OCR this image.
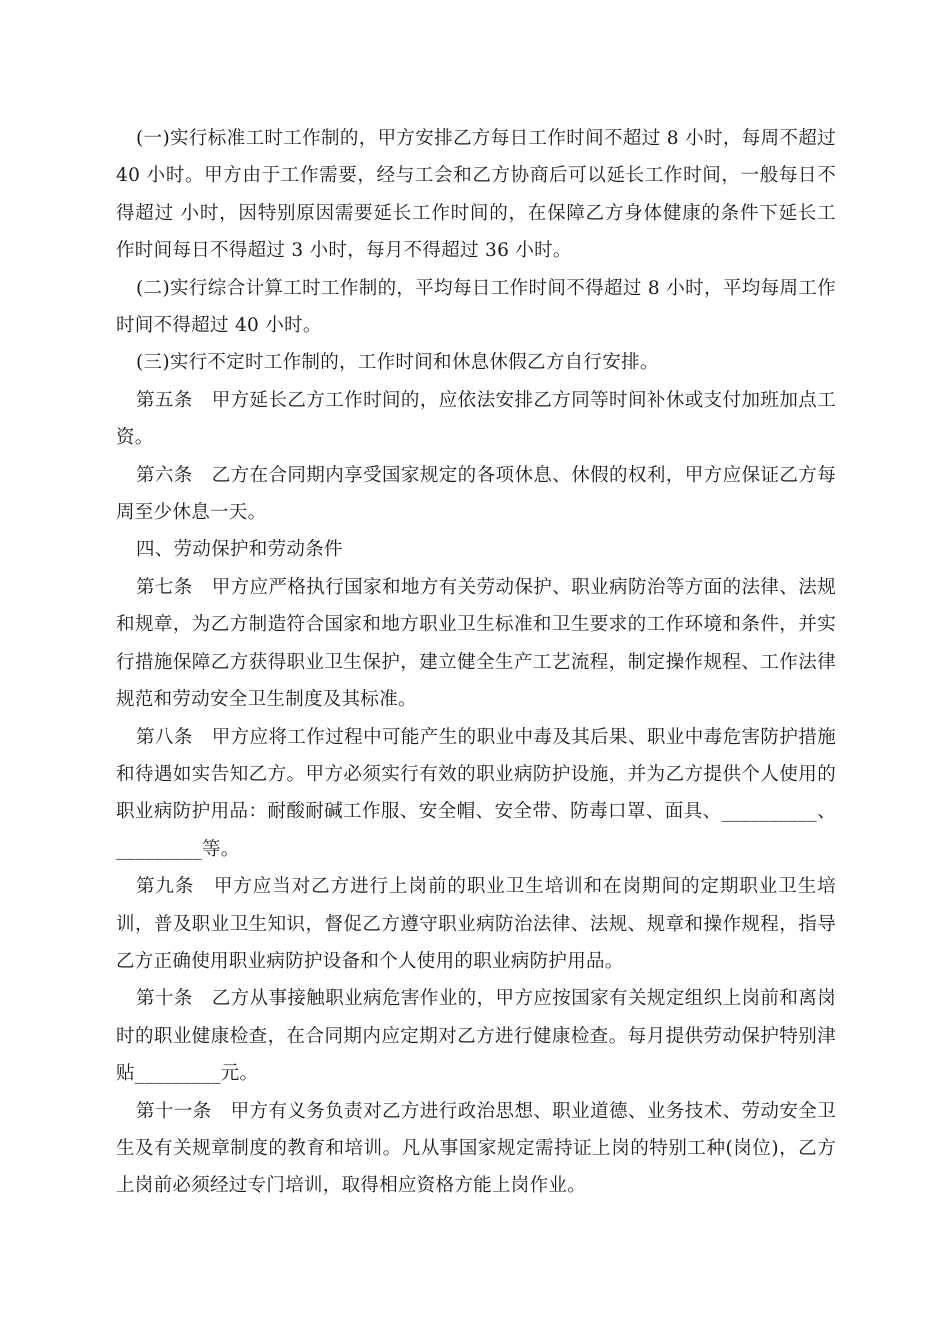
(一)实行标准工时工作制的，甲方安排乙方每日工作时间不超过 8 小时，每周不超过 40 小时。甲方由于工作需要，经与工会和乙方协商后可以延长工作时间，一般每日不得超过 小时，因特别原因需要延长工作时间的，在保障乙方身体健康的条件下延长工作时间每日不得超过 3 小时，每月不得超过 36 小时。

(二)实行综合计算工时工作制的，平均每日工作时间不得超过 8 小时，平均每周工作时间不得超过 40 小时。

(三)实行不定时工作制的，工作时间和休息休假乙方自行安排。

第五条　甲方延长乙方工作时间的，应依法安排乙方同等时间补休或支付加班加点工资。

第六条　乙方在合同期内享受国家规定的各项休息、休假的权利，甲方应保证乙方每周至少休息一天。

四、劳动保护和劳动条件

第七条　甲方应严格执行国家和地方有关劳动保护、职业病防治等方面的法律、法规和规章，为乙方制造符合国家和地方职业卫生标准和卫生要求的工作环境和条件，并实行措施保障乙方获得职业卫生保护，建立健全生产工艺流程，制定操作规程、工作法律规范和劳动安全卫生制度及其标准。

第八条　甲方应将工作过程中可能产生的职业中毒及其后果、职业中毒危害防护措施和待遇如实告知乙方。甲方必须实行有效的职业病防护设施，并为乙方提供个人使用的职业病防护用品：耐酸耐碱工作服、安全帽、安全带、防毒口罩、面具、__________、_________等。

第九条　甲方应当对乙方进行上岗前的职业卫生培训和在岗期间的定期职业卫生培训，普及职业卫生知识，督促乙方遵守职业病防治法律、法规、规章和操作规程，指导乙方正确使用职业病防护设备和个人使用的职业病防护用品。

第十条　乙方从事接触职业病危害作业的，甲方应按国家有关规定组织上岗前和离岗时的职业健康检查，在合同期内应定期对乙方进行健康检查。每月提供劳动保护特别津贴_________元。

第十一条　甲方有义务负责对乙方进行政治思想、职业道德、业务技术、劳动安全卫生及有关规章制度的教育和培训。凡从事国家规定需持证上岗的特别工种(岗位)，乙方上岗前必须经过专门培训，取得相应资格方能上岗作业。
